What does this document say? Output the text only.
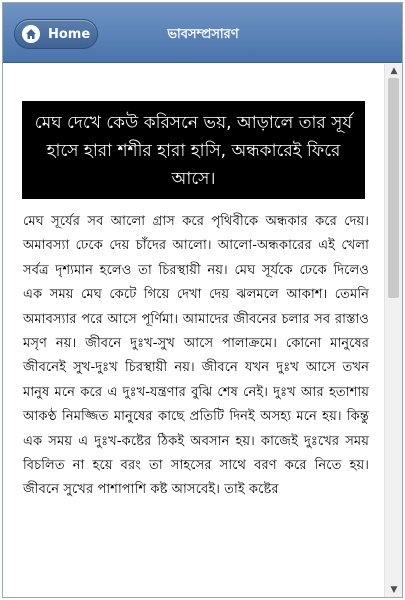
Home	ভাবসম্প্রসারণ
মেঘ দেখে কেউ করিসনে ভয়, আড়ালে তার সূর্য হাসে হারা শশীর হারা হাসি, অন্ধকারেই ফিরে আসে।
মেঘ সূর্যের সব আলো গ্রাস করে পৃথিবীকে অন্ধকার করে দেয়। অমাবস্যা ঢেকে দেয় চাঁদের আলো। আলো-অন্ধকারের এই খেলা সর্বত্র দৃশ্যমান হলেও তা চিরস্থায়ী নয়। মেঘ সূর্যকে ঢেকে দিলেও এক সময় মেঘ কেটে গিয়ে দেখা দেয় ঝলমলে আকাশ। তেমনি অমাবস্যার পরে আসে পূর্ণিমা। আমাদের জীবনের চলার সব রাস্তাও মসৃণ নয়। জীবনে দুঃখ-সুখ আসে পালাক্রমে। কোনো মানুষের জীবনেই সুখ-দুঃখ চিরস্থায়ী নয়। জীবনে যখন দুঃখ আসে তখন মানুষ মনে করে এ দুঃখ-যন্ত্রণার বুঝি শেষ নেই। দুঃখ আর হতাশায় আকণ্ঠ নিমজ্জিত মানুষের কাছে প্রতিটি দিনই অসহ্য মনে হয়। কিন্তু এক সময় এ দুঃখ-কষ্টের ঠিকই অবসান হয়। কাজেই দুঃখের সময় বিচলিত না হয়ে বরং তা সাহসের সাথে বরণ করে নিতে হয়। জীবনে সুখের পাশাপাশি কষ্ট আসবেই। তাই কষ্টের
▲
▼
